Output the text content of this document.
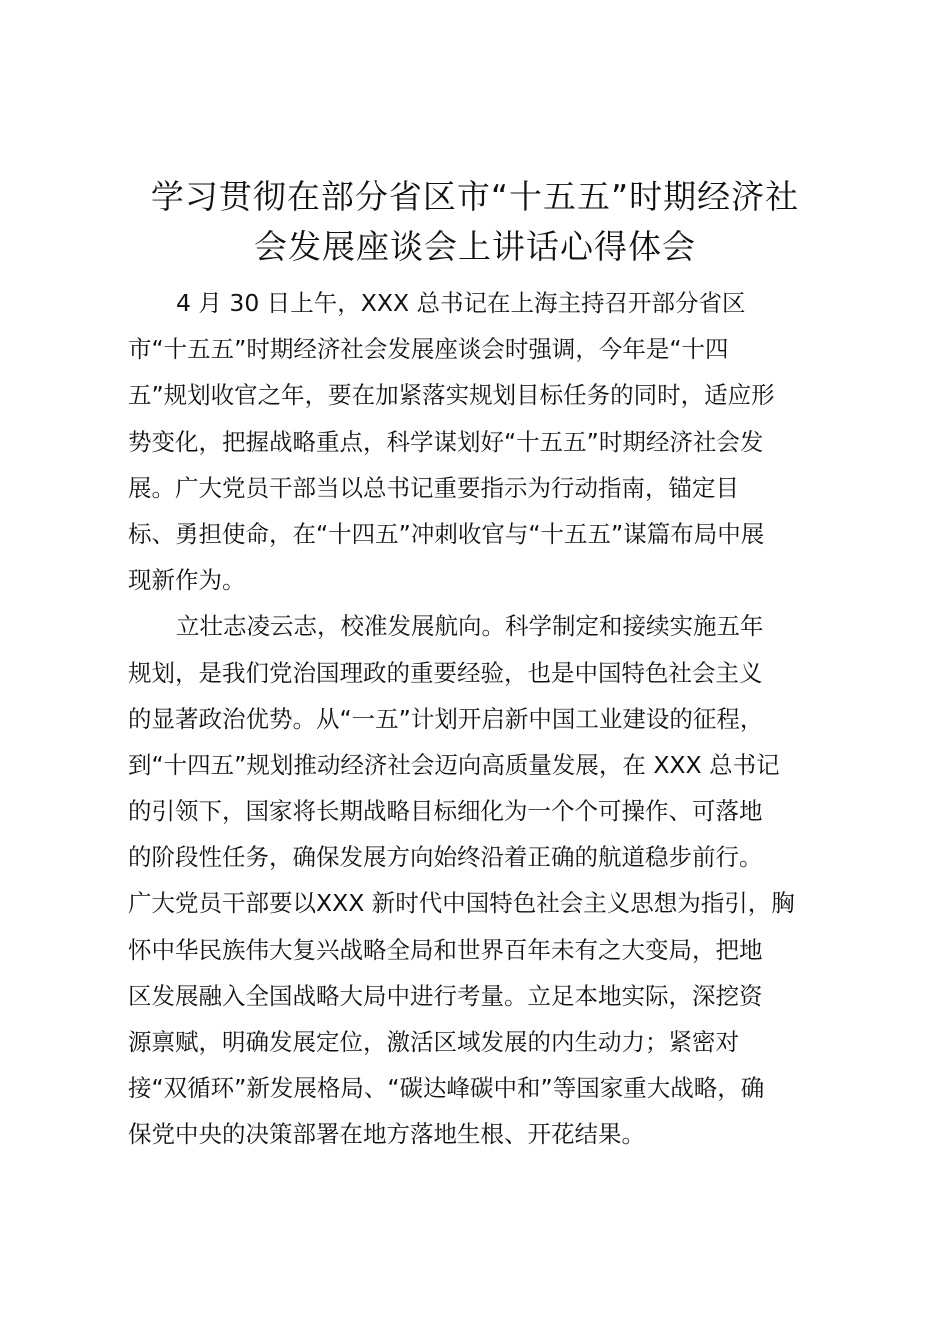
学习贯彻在部分省区市“十五五”时期经济社
会发展座谈会上讲话心得体会
4 月 30 日上午，XXX 总书记在上海主持召开部分省区
市“十五五”时期经济社会发展座谈会时强调，今年是“十四
五”规划收官之年，要在加紧落实规划目标任务的同时，适应形
势变化，把握战略重点，科学谋划好“十五五”时期经济社会发
展。广大党员干部当以总书记重要指示为行动指南，锚定目
标、勇担使命，在“十四五”冲刺收官与“十五五”谋篇布局中展
现新作为。
立壮志凌云志，校准发展航向。科学制定和接续实施五年
规划，是我们党治国理政的重要经验，也是中国特色社会主义
的显著政治优势。从“一五”计划开启新中国工业建设的征程，
到“十四五”规划推动经济社会迈向高质量发展，在 XXX 总书记
的引领下，国家将长期战略目标细化为一个个可操作、可落地
的阶段性任务，确保发展方向始终沿着正确的航道稳步前行。
广大党员干部要以XXX 新时代中国特色社会主义思想为指引，胸
怀中华民族伟大复兴战略全局和世界百年未有之大变局，把地
区发展融入全国战略大局中进行考量。立足本地实际，深挖资
源禀赋，明确发展定位，激活区域发展的内生动力；紧密对
接“双循环”新发展格局、“碳达峰碳中和”等国家重大战略，确
保党中央的决策部署在地方落地生根、开花结果。
